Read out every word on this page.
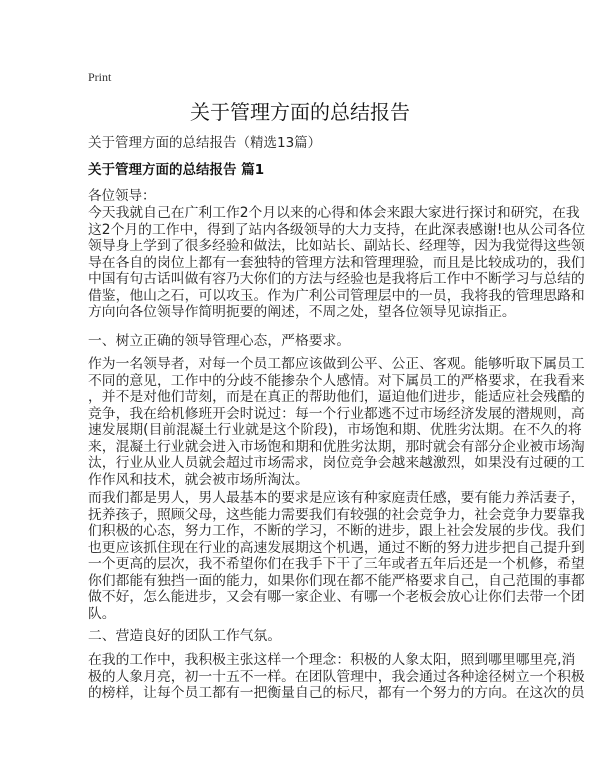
Print
关于管理方面的总结报告
关于管理方面的总结报告（精选13篇）
关于管理方面的总结报告 篇1
各位领导：
今天我就自己在广利工作2个月以来的心得和体会来跟大家进行探讨和研究，在我
这2个月的工作中，得到了站内各级领导的大力支持，在此深表感谢!也从公司各位
领导身上学到了很多经验和做法，比如站长、副站长、经理等，因为我觉得这些领
导在各自的岗位上都有一套独特的管理方法和管理理验，而且是比较成功的，我们
中国有句古话叫做有容乃大你们的方法与经验也是我将后工作中不断学习与总结的
借鉴，他山之石，可以攻玉。作为广利公司管理层中的一员，我将我的管理思路和
方向向各位领导作简明扼要的阐述，不周之处，望各位领导见谅指正。
一、树立正确的领导管理心态，严格要求。
作为一名领导者，对每一个员工都应该做到公平、公正、客观。能够听取下属员工
不同的意见，工作中的分歧不能掺杂个人感情。对下属员工的严格要求，在我看来
，并不是对他们苛刻，而是在真正的帮助他们，逼迫他们进步，能适应社会残酷的
竞争，我在给机修班开会时说过：每一个行业都逃不过市场经济发展的潜规则，高
速发展期(目前混凝土行业就是这个阶段)，市场饱和期、优胜劣汰期。在不久的将
来，混凝土行业就会进入市场饱和期和优胜劣汰期，那时就会有部分企业被市场淘
汰，行业从业人员就会超过市场需求，岗位竞争会越来越激烈，如果没有过硬的工
作作风和技术，就会被市场所淘汰。
而我们都是男人，男人最基本的要求是应该有种家庭责任感，要有能力养活妻子，
抚养孩子，照顾父母，这些能力需要我们有较强的社会竞争力，社会竞争力要靠我
们积极的心态，努力工作，不断的学习，不断的进步，跟上社会发展的步伐。我们
也更应该抓住现在行业的高速发展期这个机遇，通过不断的努力进步把自己提升到
一个更高的层次，我不希望你们在我手下干了三年或者五年后还是一个机修，希望
你们都能有独挡一面的能力，如果你们现在都不能严格要求自己，自己范围的事都
做不好，怎么能进步，又会有哪一家企业、有哪一个老板会放心让你们去带一个团
队。
二、营造良好的团队工作气氛。
在我的工作中，我积极主张这样一个理念：积极的人象太阳，照到哪里哪里亮,消
极的人象月亮，初一十五不一样。在团队管理中，我会通过各种途径树立一个积极
的榜样，让每个员工都有一把衡量自己的标尺，都有一个努力的方向。在这次的员
